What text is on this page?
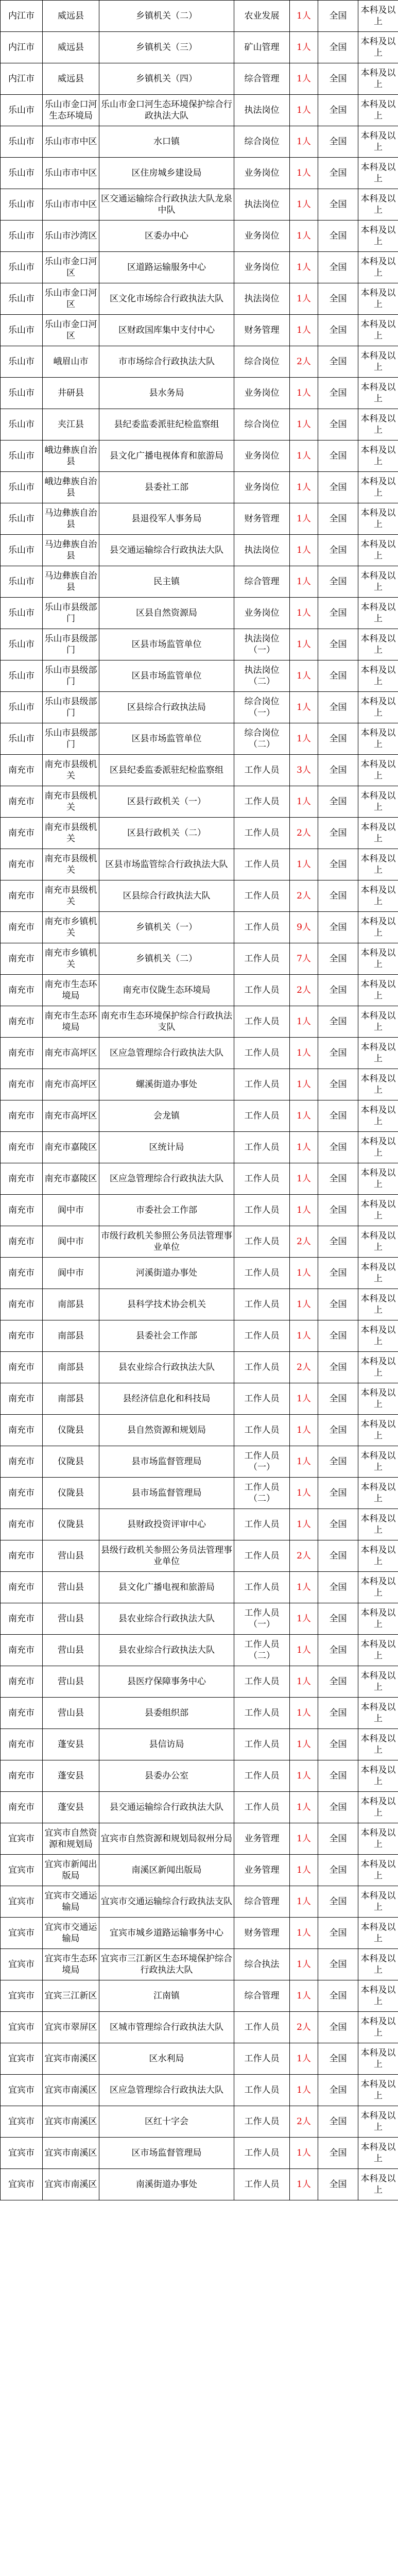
内江市	威远县	乡镇机关（二）	农业发展	1人	全国	本科及以上
内江市	威远县	乡镇机关（三）	矿山管理	1人	全国	本科及以上
内江市	威远县	乡镇机关（四）	综合管理	1人	全国	本科及以上
乐山市	乐山市金口河生态环境局	乐山市金口河生态环境保护综合行政执法大队	执法岗位	1人	全国	本科及以上
乐山市	乐山市市中区	水口镇	综合岗位	1人	全国	本科及以上
乐山市	乐山市市中区	区住房城乡建设局	业务岗位	1人	全国	本科及以上
乐山市	乐山市市中区	区交通运输综合行政执法大队龙泉中队	执法岗位	1人	全国	本科及以上
乐山市	乐山市沙湾区	区委办中心	业务岗位	1人	全国	本科及以上
乐山市	乐山市金口河区	区道路运输服务中心	业务岗位	1人	全国	本科及以上
乐山市	乐山市金口河区	区文化市场综合行政执法大队	执法岗位	1人	全国	本科及以上
乐山市	乐山市金口河区	区财政国库集中支付中心	财务管理	1人	全国	本科及以上
乐山市	峨眉山市	市市场综合行政执法大队	综合岗位	2人	全国	本科及以上
乐山市	井研县	县水务局	业务岗位	1人	全国	本科及以上
乐山市	夹江县	县纪委监委派驻纪检监察组	综合岗位	1人	全国	本科及以上
乐山市	峨边彝族自治县	县文化广播电视体育和旅游局	业务岗位	1人	全国	本科及以上
乐山市	峨边彝族自治县	县委社工部	业务岗位	1人	全国	本科及以上
乐山市	马边彝族自治县	县退役军人事务局	财务管理	1人	全国	本科及以上
乐山市	马边彝族自治县	县交通运输综合行政执法大队	执法岗位	1人	全国	本科及以上
乐山市	马边彝族自治县	民主镇	综合管理	1人	全国	本科及以上
乐山市	乐山市县级部门	区县自然资源局	业务岗位	1人	全国	本科及以上
乐山市	乐山市县级部门	区县市场监管单位	执法岗位（一）	1人	全国	本科及以上
乐山市	乐山市县级部门	区县市场监管单位	执法岗位（二）	1人	全国	本科及以上
乐山市	乐山市县级部门	区县综合行政执法局	综合岗位（一）	1人	全国	本科及以上
乐山市	乐山市县级部门	区县市场监管单位	综合岗位（二）	1人	全国	本科及以上
南充市	南充市县级机关	区县纪委监委派驻纪检监察组	工作人员	3人	全国	本科及以上
南充市	南充市县级机关	区县行政机关（一）	工作人员	1人	全国	本科及以上
南充市	南充市县级机关	区县行政机关（二）	工作人员	2人	全国	本科及以上
南充市	南充市县级机关	区县市场监管综合行政执法大队	工作人员	1人	全国	本科及以上
南充市	南充市县级机关	区县综合行政执法大队	工作人员	2人	全国	本科及以上
南充市	南充市乡镇机关	乡镇机关（一）	工作人员	9人	全国	本科及以上
南充市	南充市乡镇机关	乡镇机关（二）	工作人员	7人	全国	本科及以上
南充市	南充市生态环境局	南充市仪陇生态环境局	工作人员	2人	全国	本科及以上
南充市	南充市生态环境局	南充市生态环境保护综合行政执法支队	工作人员	1人	全国	本科及以上
南充市	南充市高坪区	区应急管理综合行政执法大队	工作人员	1人	全国	本科及以上
南充市	南充市高坪区	螺溪街道办事处	工作人员	1人	全国	本科及以上
南充市	南充市高坪区	会龙镇	工作人员	1人	全国	本科及以上
南充市	南充市嘉陵区	区统计局	工作人员	1人	全国	本科及以上
南充市	南充市嘉陵区	区应急管理综合行政执法大队	工作人员	1人	全国	本科及以上
南充市	阆中市	市委社会工作部	工作人员	1人	全国	本科及以上
南充市	阆中市	市级行政机关参照公务员法管理事业单位	工作人员	2人	全国	本科及以上
南充市	阆中市	河溪街道办事处	工作人员	1人	全国	本科及以上
南充市	南部县	县科学技术协会机关	工作人员	1人	全国	本科及以上
南充市	南部县	县委社会工作部	工作人员	1人	全国	本科及以上
南充市	南部县	县农业综合行政执法大队	工作人员	2人	全国	本科及以上
南充市	南部县	县经济信息化和科技局	工作人员	1人	全国	本科及以上
南充市	仪陇县	县自然资源和规划局	工作人员	1人	全国	本科及以上
南充市	仪陇县	县市场监督管理局	工作人员（一）	1人	全国	本科及以上
南充市	仪陇县	县市场监督管理局	工作人员（二）	1人	全国	本科及以上
南充市	仪陇县	县财政投资评审中心	工作人员	1人	全国	本科及以上
南充市	营山县	县级行政机关参照公务员法管理事业单位	工作人员	2人	全国	本科及以上
南充市	营山县	县文化广播电视和旅游局	工作人员	1人	全国	本科及以上
南充市	营山县	县农业综合行政执法大队	工作人员（一）	1人	全国	本科及以上
南充市	营山县	县农业综合行政执法大队	工作人员（二）	1人	全国	本科及以上
南充市	营山县	县医疗保障事务中心	工作人员	1人	全国	本科及以上
南充市	营山县	县委组织部	工作人员	1人	全国	本科及以上
南充市	蓬安县	县信访局	工作人员	1人	全国	本科及以上
南充市	蓬安县	县委办公室	工作人员	1人	全国	本科及以上
南充市	蓬安县	县交通运输综合行政执法大队	工作人员	1人	全国	本科及以上
宜宾市	宜宾市自然资源和规划局	宜宾市自然资源和规划局叙州分局	业务管理	1人	全国	本科及以上
宜宾市	宜宾市新闻出版局	南溪区新闻出版局	业务管理	1人	全国	本科及以上
宜宾市	宜宾市交通运输局	宜宾市交通运输综合行政执法支队	综合管理	1人	全国	本科及以上
宜宾市	宜宾市交通运输局	宜宾市城乡道路运输事务中心	财务管理	1人	全国	本科及以上
宜宾市	宜宾市生态环境局	宜宾市三江新区生态环境保护综合行政执法大队	综合执法	1人	全国	本科及以上
宜宾市	宜宾三江新区	江南镇	综合管理	1人	全国	本科及以上
宜宾市	宜宾市翠屏区	区城市管理综合行政执法大队	工作人员	2人	全国	本科及以上
宜宾市	宜宾市南溪区	区水利局	工作人员	1人	全国	本科及以上
宜宾市	宜宾市南溪区	区应急管理综合行政执法大队	工作人员	1人	全国	本科及以上
宜宾市	宜宾市南溪区	区红十字会	工作人员	2人	全国	本科及以上
宜宾市	宜宾市南溪区	区市场监督管理局	工作人员	1人	全国	本科及以上
宜宾市	宜宾市南溪区	南溪街道办事处	工作人员	1人	全国	本科及以上
